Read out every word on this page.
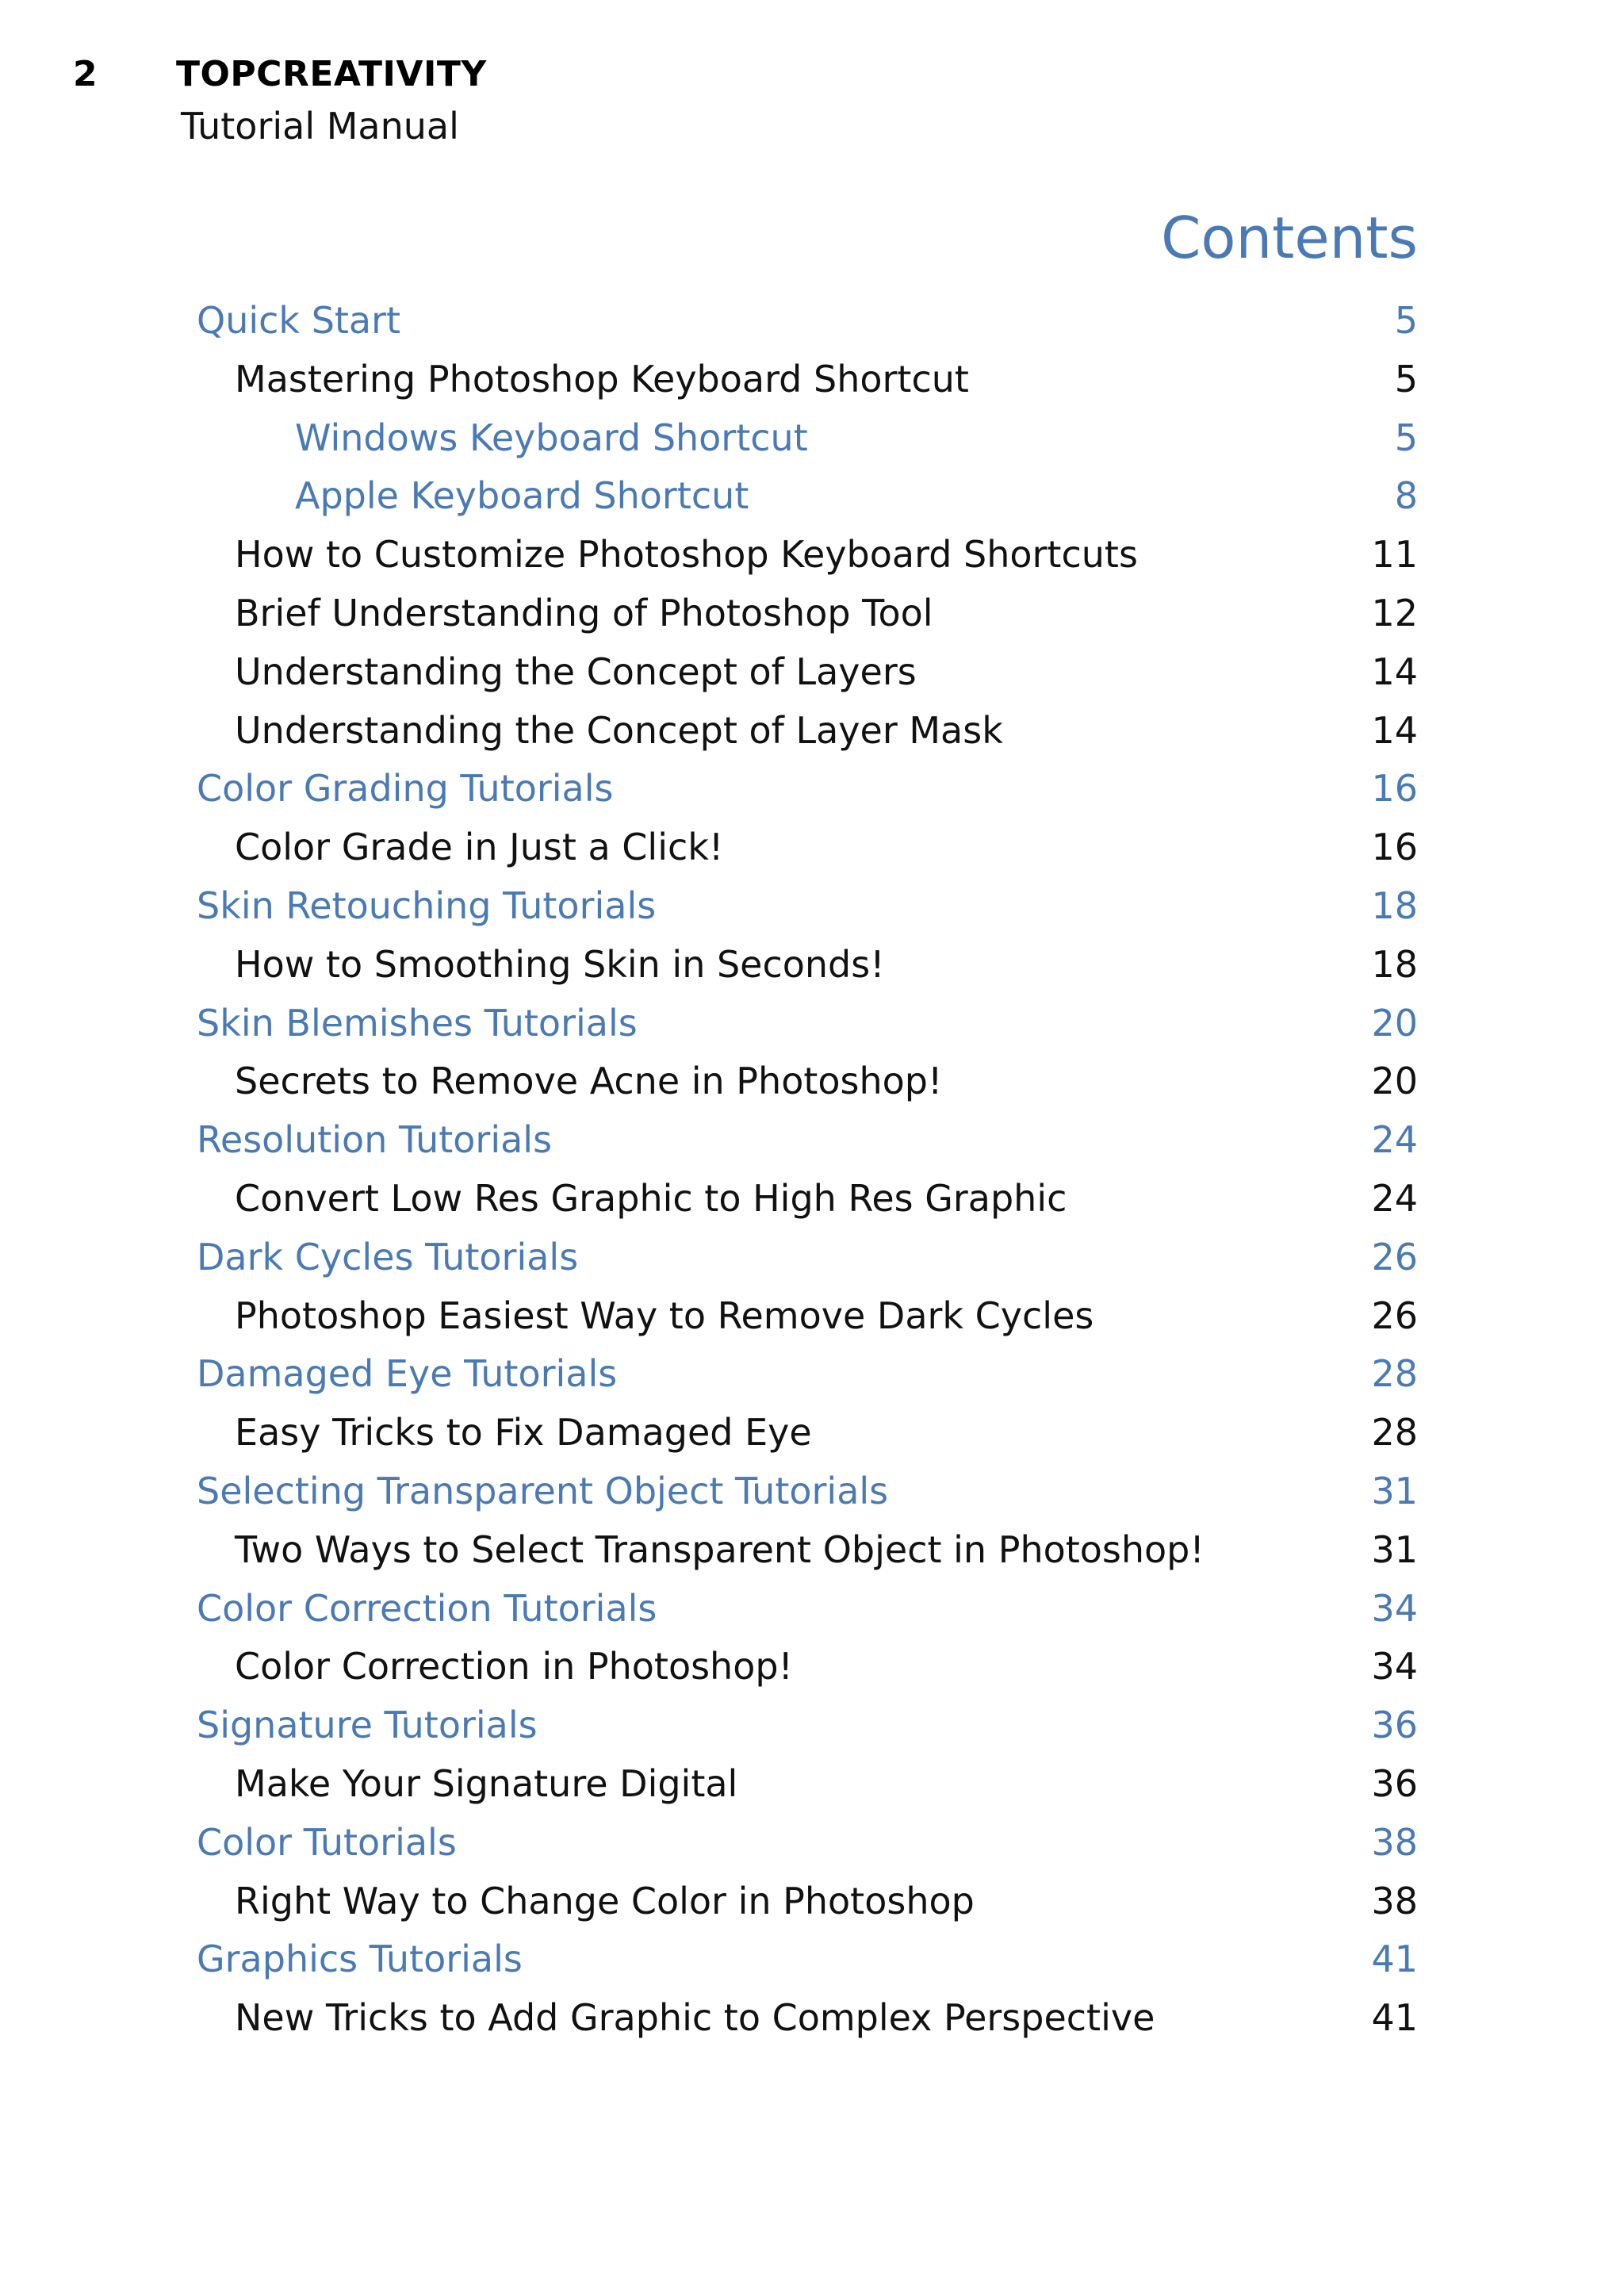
2 TOPCREATIVITY
Tutorial Manual
Contents
Quick Start	5
Mastering Photoshop Keyboard Shortcut	5
Windows Keyboard Shortcut	5
Apple Keyboard Shortcut	8
How to Customize Photoshop Keyboard Shortcuts	11
Brief Understanding of Photoshop Tool	12
Understanding the Concept of Layers	14
Understanding the Concept of Layer Mask	14
Color Grading Tutorials	16
Color Grade in Just a Click!	16
Skin Retouching Tutorials	18
How to Smoothing Skin in Seconds!	18
Skin Blemishes Tutorials	20
Secrets to Remove Acne in Photoshop!	20
Resolution Tutorials	24
Convert Low Res Graphic to High Res Graphic	24
Dark Cycles Tutorials	26
Photoshop Easiest Way to Remove Dark Cycles	26
Damaged Eye Tutorials	28
Easy Tricks to Fix Damaged Eye	28
Selecting Transparent Object Tutorials	31
Two Ways to Select Transparent Object in Photoshop!	31
Color Correction Tutorials	34
Color Correction in Photoshop!	34
Signature Tutorials	36
Make Your Signature Digital	36
Color Tutorials	38
Right Way to Change Color in Photoshop	38
Graphics Tutorials	41
New Tricks to Add Graphic to Complex Perspective	41
